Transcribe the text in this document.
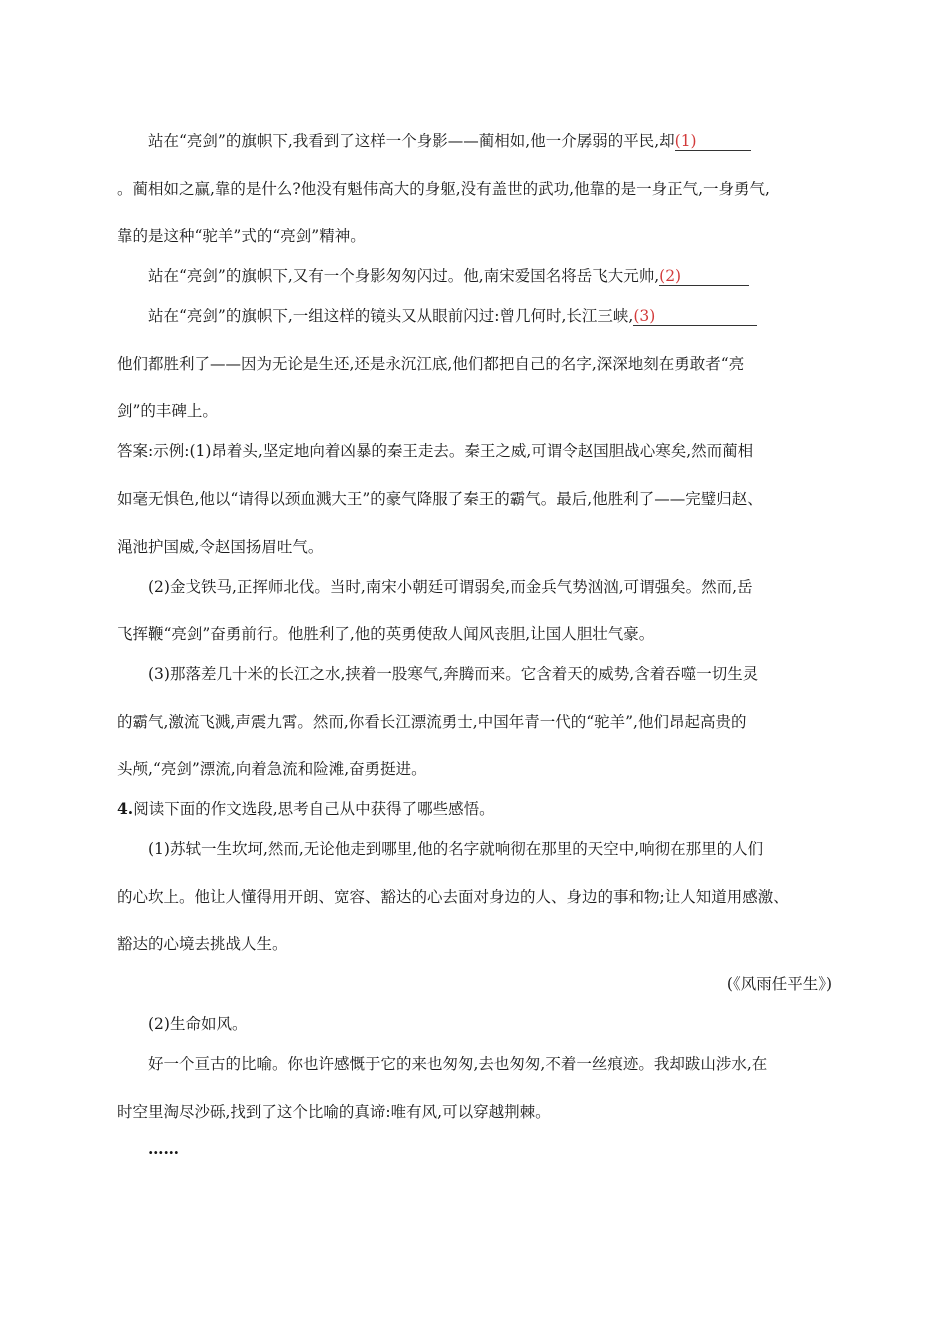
站在“亮剑”的旗帜下,我看到了这样一个身影——蔺相如,他一介孱弱的平民,却(1)
。蔺相如之赢,靠的是什么?他没有魁伟高大的身躯,没有盖世的武功,他靠的是一身正气,一身勇气,
靠的是这种“驼羊”式的“亮剑”精神。
站在“亮剑”的旗帜下,又有一个身影匆匆闪过。他,南宋爱国名将岳飞大元帅,(2)
站在“亮剑”的旗帜下,一组这样的镜头又从眼前闪过:曾几何时,长江三峡,(3)
他们都胜利了——因为无论是生还,还是永沉江底,他们都把自己的名字,深深地刻在勇敢者“亮
剑”的丰碑上。
答案:示例:(1)昂着头,坚定地向着凶暴的秦王走去。秦王之威,可谓令赵国胆战心寒矣,然而蔺相
如毫无惧色,他以“请得以颈血溅大王”的豪气降服了秦王的霸气。最后,他胜利了——完璧归赵、
渑池护国威,令赵国扬眉吐气。
(2)金戈铁马,正挥师北伐。当时,南宋小朝廷可谓弱矣,而金兵气势汹汹,可谓强矣。然而,岳
飞挥鞭“亮剑”奋勇前行。他胜利了,他的英勇使敌人闻风丧胆,让国人胆壮气豪。
(3)那落差几十米的长江之水,挟着一股寒气,奔腾而来。它含着天的威势,含着吞噬一切生灵
的霸气,激流飞溅,声震九霄。然而,你看长江漂流勇士,中国年青一代的“驼羊”,他们昂起高贵的
头颅,“亮剑”漂流,向着急流和险滩,奋勇挺进。
4.阅读下面的作文选段,思考自己从中获得了哪些感悟。
(1)苏轼一生坎坷,然而,无论他走到哪里,他的名字就响彻在那里的天空中,响彻在那里的人们
的心坎上。他让人懂得用开朗、宽容、豁达的心去面对身边的人、身边的事和物;让人知道用感激、
豁达的心境去挑战人生。
(《风雨任平生》)
(2)生命如风。
好一个亘古的比喻。你也许感慨于它的来也匆匆,去也匆匆,不着一丝痕迹。我却跋山涉水,在
时空里淘尽沙砾,找到了这个比喻的真谛:唯有风,可以穿越荆棘。
……
